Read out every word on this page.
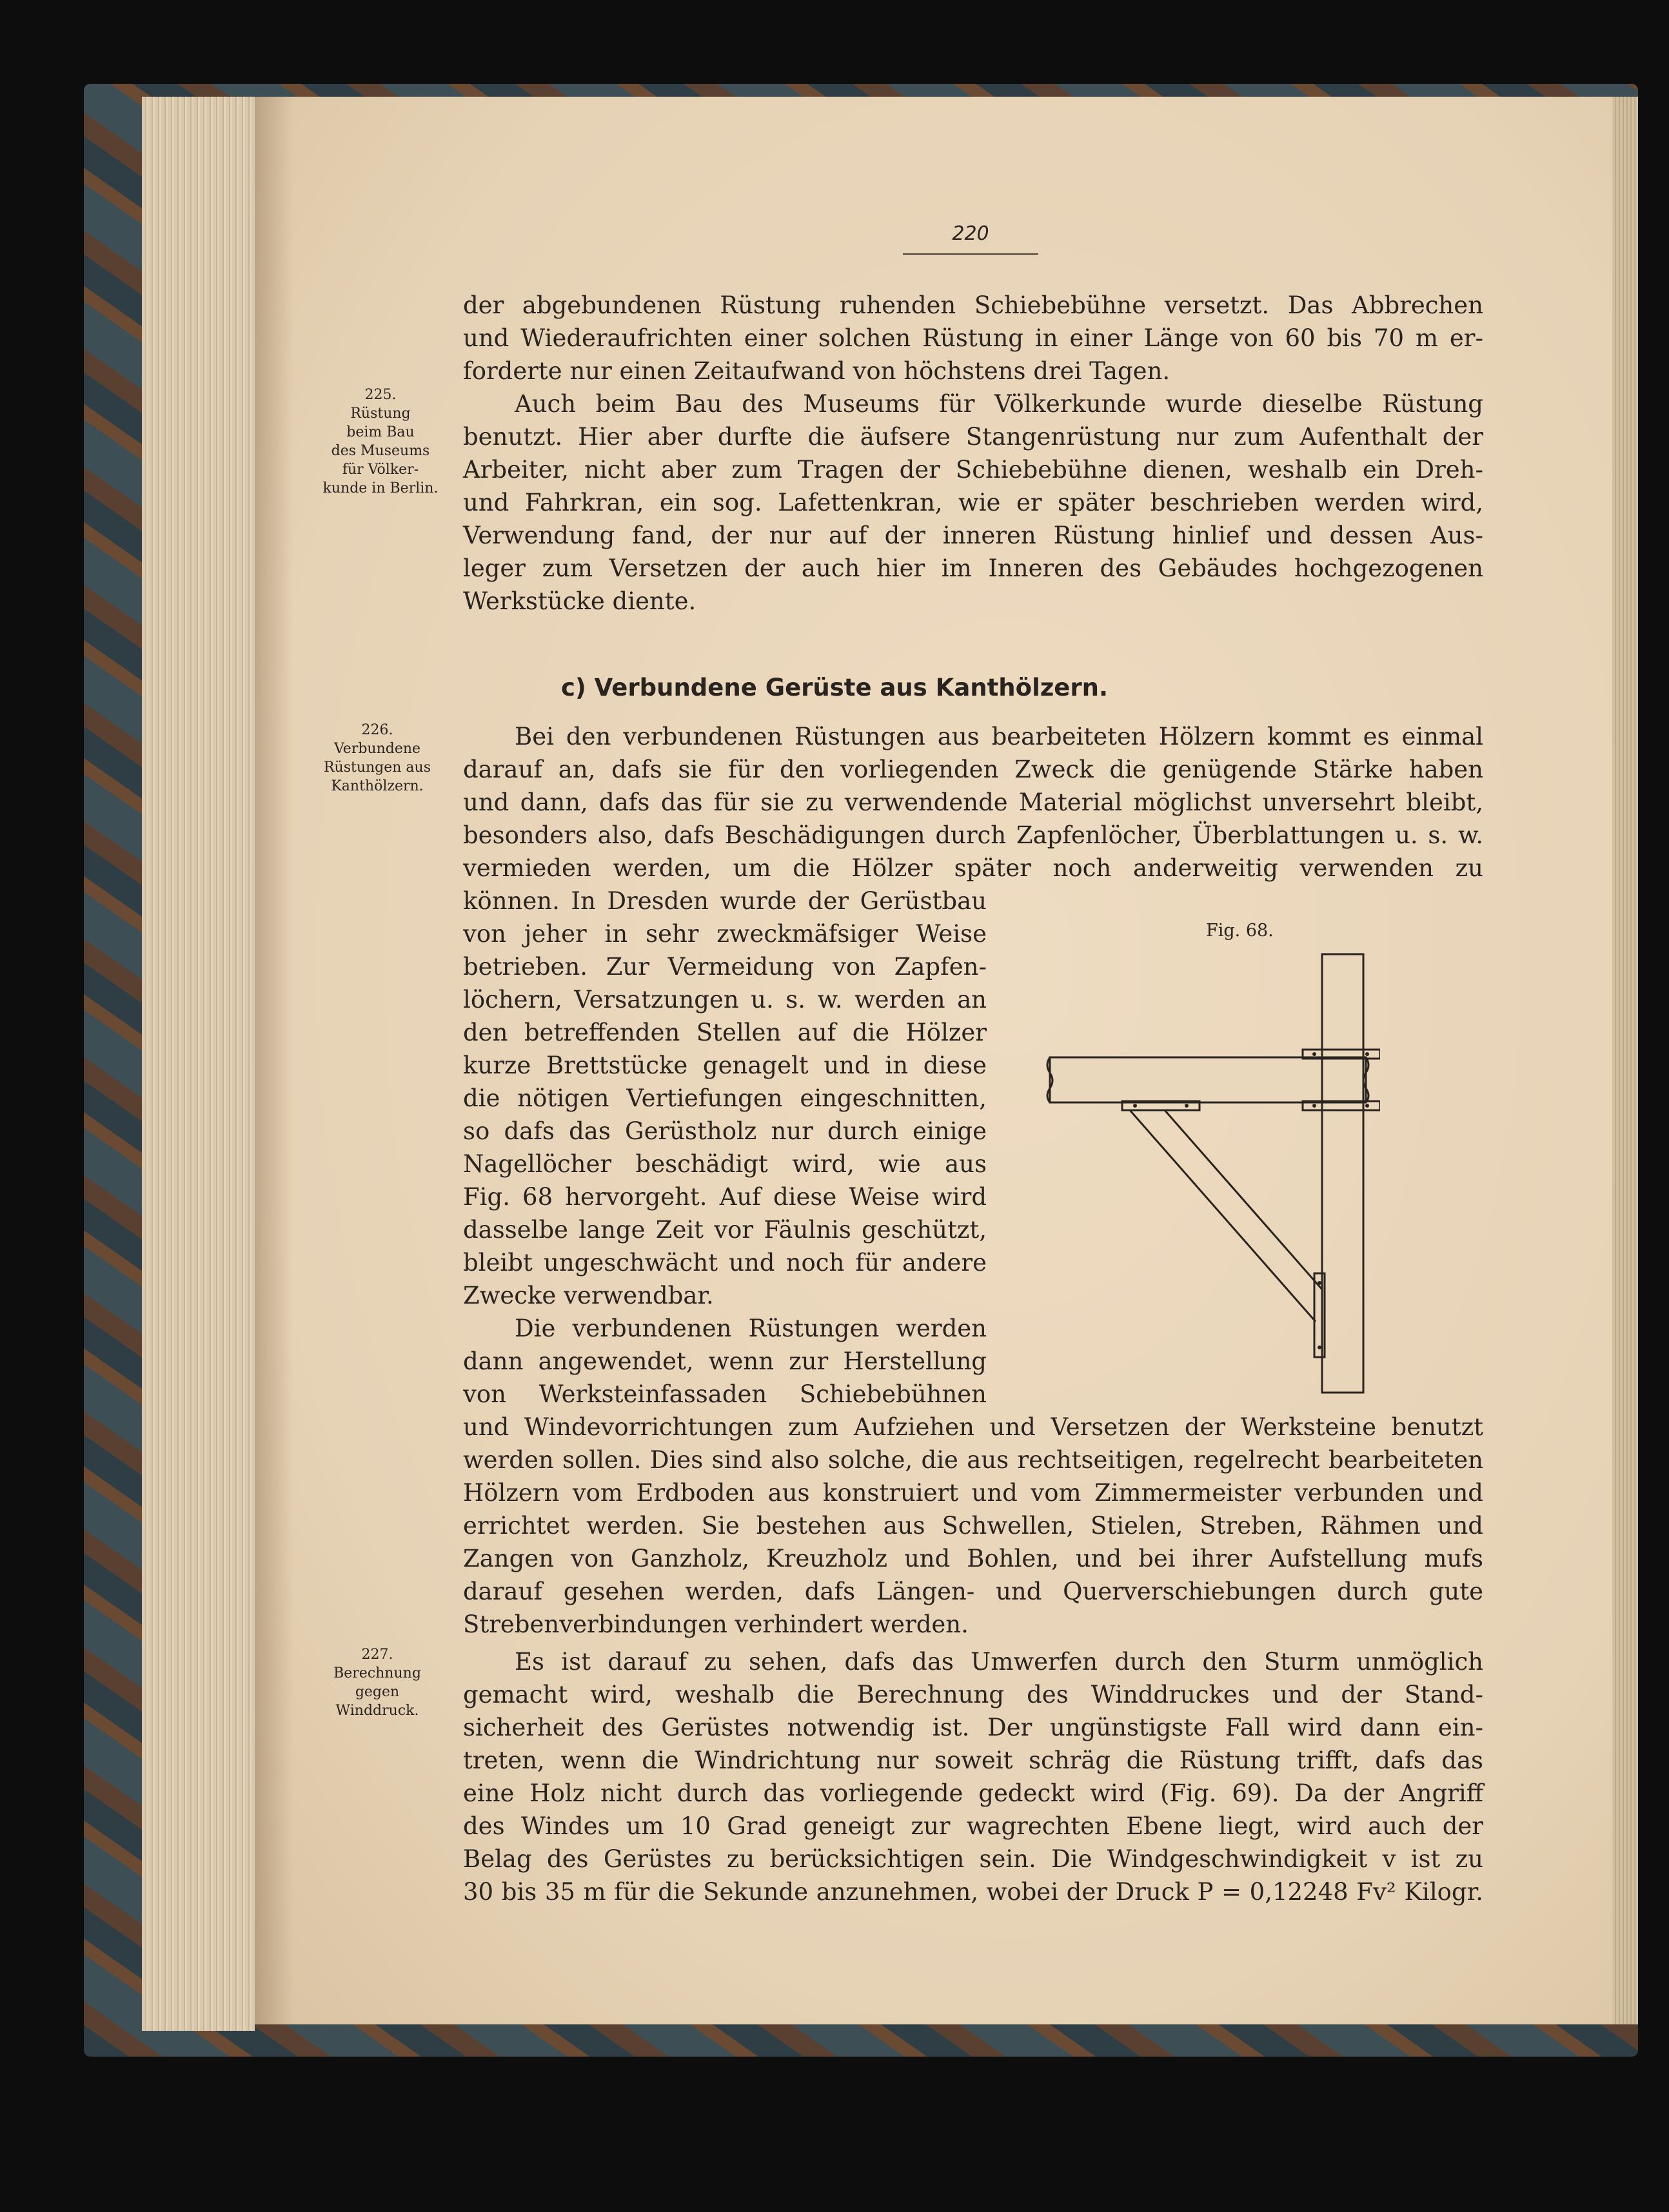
220
der abgebundenen Rüstung ruhenden Schiebebühne versetzt. Das Abbrechen
und Wiederaufrichten einer solchen Rüstung in einer Länge von 60 bis 70 m er-
forderte nur einen Zeitaufwand von höchstens drei Tagen.
Auch beim Bau des Museums für Völkerkunde wurde dieselbe Rüstung
benutzt. Hier aber durfte die äufsere Stangenrüstung nur zum Aufenthalt der
Arbeiter, nicht aber zum Tragen der Schiebebühne dienen, weshalb ein Dreh-
und Fahrkran, ein sog. Lafettenkran, wie er später beschrieben werden wird,
Verwendung fand, der nur auf der inneren Rüstung hinlief und dessen Aus-
leger zum Versetzen der auch hier im Inneren des Gebäudes hochgezogenen
Werkstücke diente.
225.
Rüstung
beim Bau
des Museums
für Völker-
kunde in Berlin.
c) Verbundene Gerüste aus Kanthölzern.
226.
Verbundene
Rüstungen aus
Kanthölzern.
Bei den verbundenen Rüstungen aus bearbeiteten Hölzern kommt es einmal
darauf an, dafs sie für den vorliegenden Zweck die genügende Stärke haben
und dann, dafs das für sie zu verwendende Material möglichst unversehrt bleibt,
besonders also, dafs Beschädigungen durch Zapfenlöcher, Überblattungen u. s. w.
vermieden werden, um die Hölzer später noch anderweitig verwenden zu
können. In Dresden wurde der Gerüstbau
von jeher in sehr zweckmäfsiger Weise
betrieben. Zur Vermeidung von Zapfen-
löchern, Versatzungen u. s. w. werden an
den betreffenden Stellen auf die Hölzer
kurze Brettstücke genagelt und in diese
die nötigen Vertiefungen eingeschnitten,
so dafs das Gerüstholz nur durch einige
Nagellöcher beschädigt wird, wie aus
Fig. 68 hervorgeht. Auf diese Weise wird
dasselbe lange Zeit vor Fäulnis geschützt,
bleibt ungeschwächt und noch für andere
Zwecke verwendbar.
Die verbundenen Rüstungen werden
dann angewendet, wenn zur Herstellung
von Werksteinfassaden Schiebebühnen
Fig. 68.
und Windevorrichtungen zum Aufziehen und Versetzen der Werksteine benutzt
werden sollen. Dies sind also solche, die aus rechtseitigen, regelrecht bearbeiteten
Hölzern vom Erdboden aus konstruiert und vom Zimmermeister verbunden und
errichtet werden. Sie bestehen aus Schwellen, Stielen, Streben, Rähmen und
Zangen von Ganzholz, Kreuzholz und Bohlen, und bei ihrer Aufstellung mufs
darauf gesehen werden, dafs Längen- und Querverschiebungen durch gute
Strebenverbindungen verhindert werden.
227.
Berechnung
gegen
Winddruck.
Es ist darauf zu sehen, dafs das Umwerfen durch den Sturm unmöglich
gemacht wird, weshalb die Berechnung des Winddruckes und der Stand-
sicherheit des Gerüstes notwendig ist. Der ungünstigste Fall wird dann ein-
treten, wenn die Windrichtung nur soweit schräg die Rüstung trifft, dafs das
eine Holz nicht durch das vorliegende gedeckt wird (Fig. 69). Da der Angriff
des Windes um 10 Grad geneigt zur wagrechten Ebene liegt, wird auch der
Belag des Gerüstes zu berücksichtigen sein. Die Windgeschwindigkeit v ist zu
30 bis 35 m für die Sekunde anzunehmen, wobei der Druck P = 0,12248 Fv² Kilogr.
